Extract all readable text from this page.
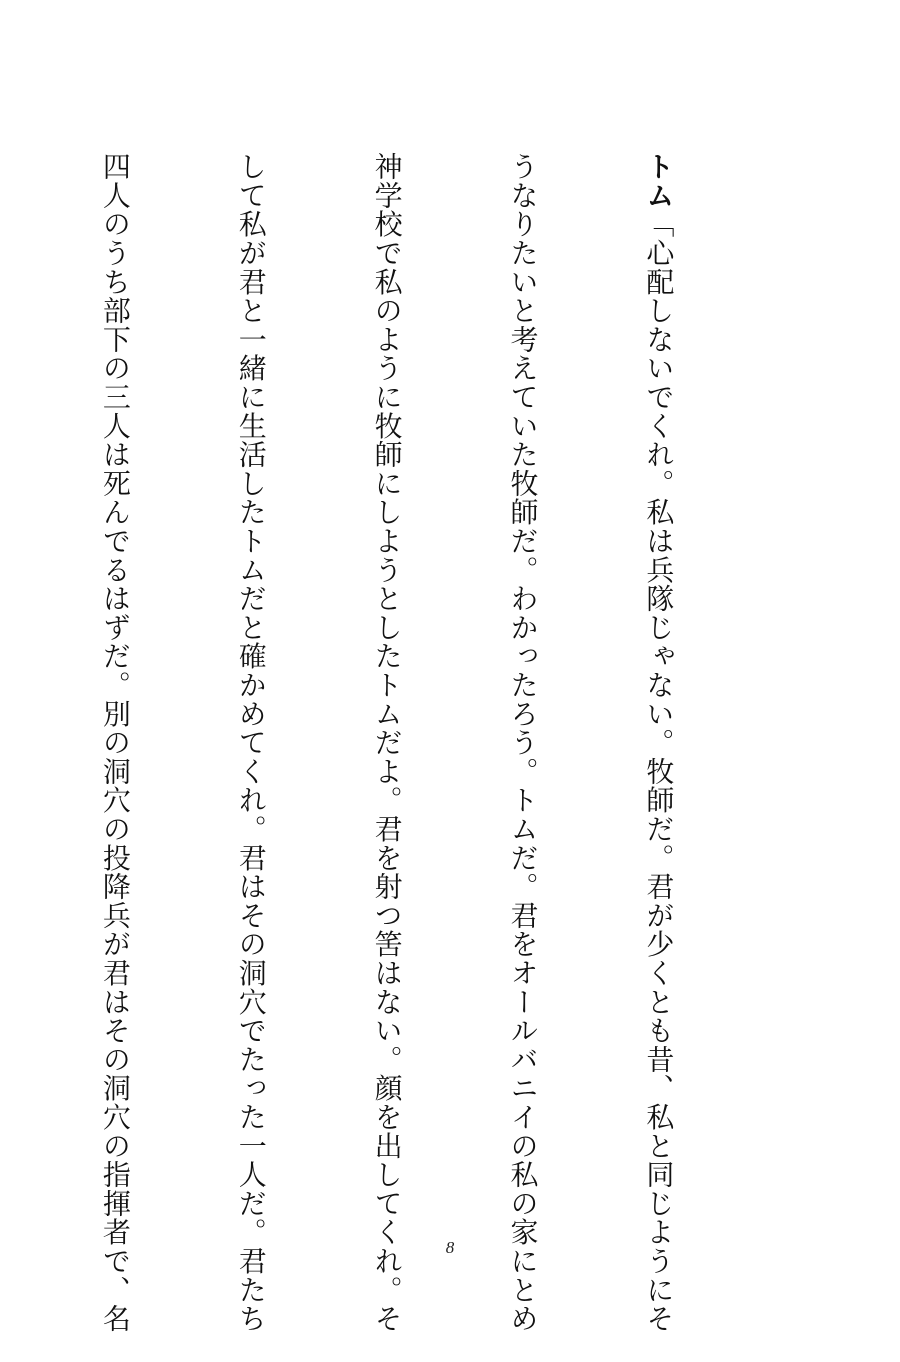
トム「心配しないでくれ。私は兵隊じゃない。牧師だ。君が少くとも昔、私と同じようにそ

うなりたいと考えていた牧師だ。わかったろう。トムだ。君をオールバニイの私の家にとめ

神学校で私のように牧師にしようとしたトムだよ。君を射つ筈はない。顔を出してくれ。そ

して私が君と一緒に生活したトムだと確かめてくれ。君はその洞穴でたった一人だ。君たち

四人のうち部下の三人は死んでるはずだ。別の洞穴の投降兵が君はその洞穴の指揮者で、名

	8
